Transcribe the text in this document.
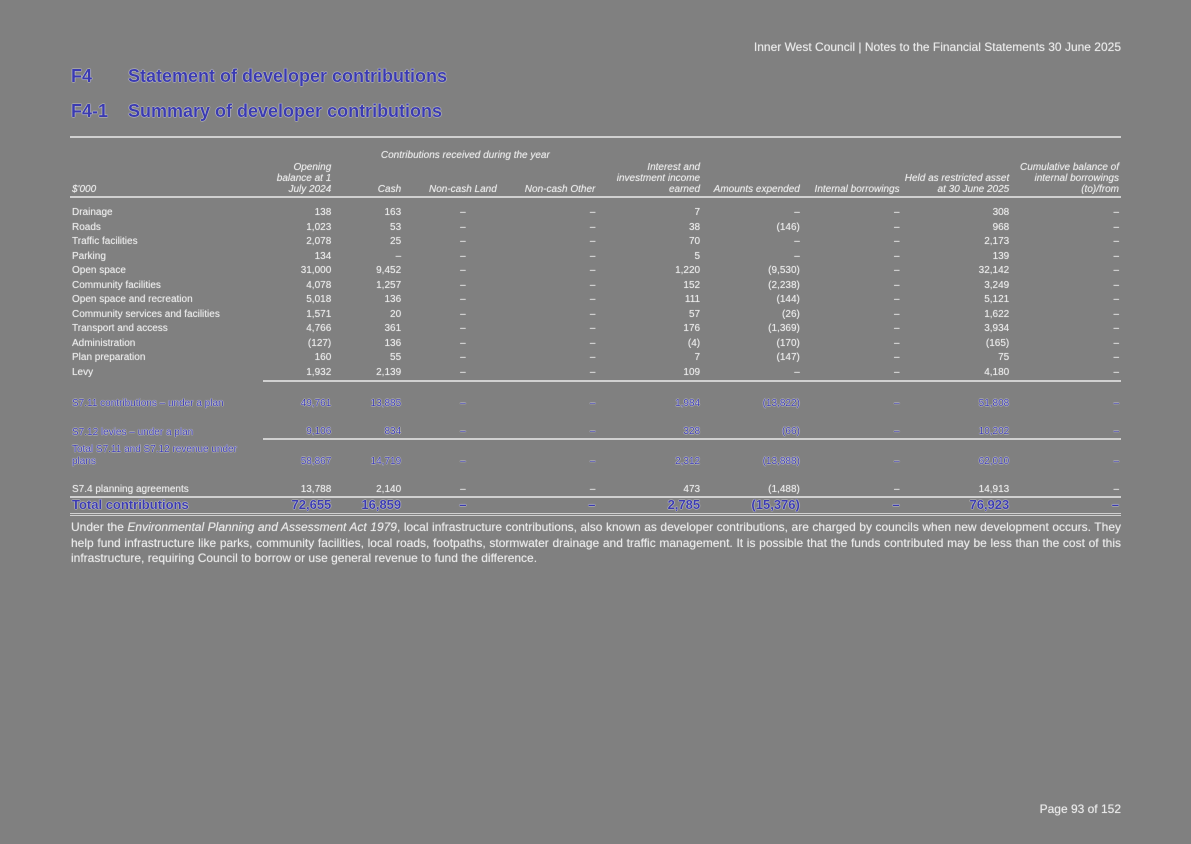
Inner West Council | Notes to the Financial Statements 30 June 2025
F4 Statement of developer contributions
F4-1 Summary of developer contributions
		Contributions received during the year							
$'000	Opening balance at 1 July 2024	Cash	Non-cash Land	Non-cash Other	Interest and investment income earned	Amounts expended	Internal borrowings	Held as restricted asset at 30 June 2025	Cumulative balance of internal borrowings (to)/from

Drainage	138	163	–	–	7	–	–	308	–
Roads	1,023	53	–	–	38	(146)	–	968	–
Traffic facilities	2,078	25	–	–	70	–	–	2,173	–
Parking	134	–	–	–	5	–	–	139	–
Open space	31,000	9,452	–	–	1,220	(9,530)	–	32,142	–
Community facilities	4,078	1,257	–	–	152	(2,238)	–	3,249	–
Open space and recreation	5,018	136	–	–	111	(144)	–	5,121	–
Community services and facilities	1,571	20	–	–	57	(26)	–	1,622	–
Transport and access	4,766	361	–	–	176	(1,369)	–	3,934	–
Administration	(127)	136	–	–	(4)	(170)	–	(165)	–
Plan preparation	160	55	–	–	7	(147)	–	75	–
Levy	1,932	2,139	–	–	109	–	–	4,180	–
S7.11 contributions – under a plan	49,761	13,885	–	–	1,984	(13,822)	–	51,808	–
S7.12 levies – under a plan	9,106	834	–	–	328	(66)	–	10,202	–
Total S7.11 and S7.12 revenue under plans	58,867	14,719	–	–	2,312	(13,888)	–	62,010	–
S7.4 planning agreements	13,788	2,140	–	–	473	(1,488)	–	14,913	–
Total contributions	72,655	16,859	–	–	2,785	(15,376)	–	76,923	–
Under the Environmental Planning and Assessment Act 1979, local infrastructure contributions, also known as developer contributions, are charged by councils when new development occurs. They help fund infrastructure like parks, community facilities, local roads, footpaths, stormwater drainage and traffic management. It is possible that the funds contributed may be less than the cost of this infrastructure, requiring Council to borrow or use general revenue to fund the difference.
Page 93 of 152
